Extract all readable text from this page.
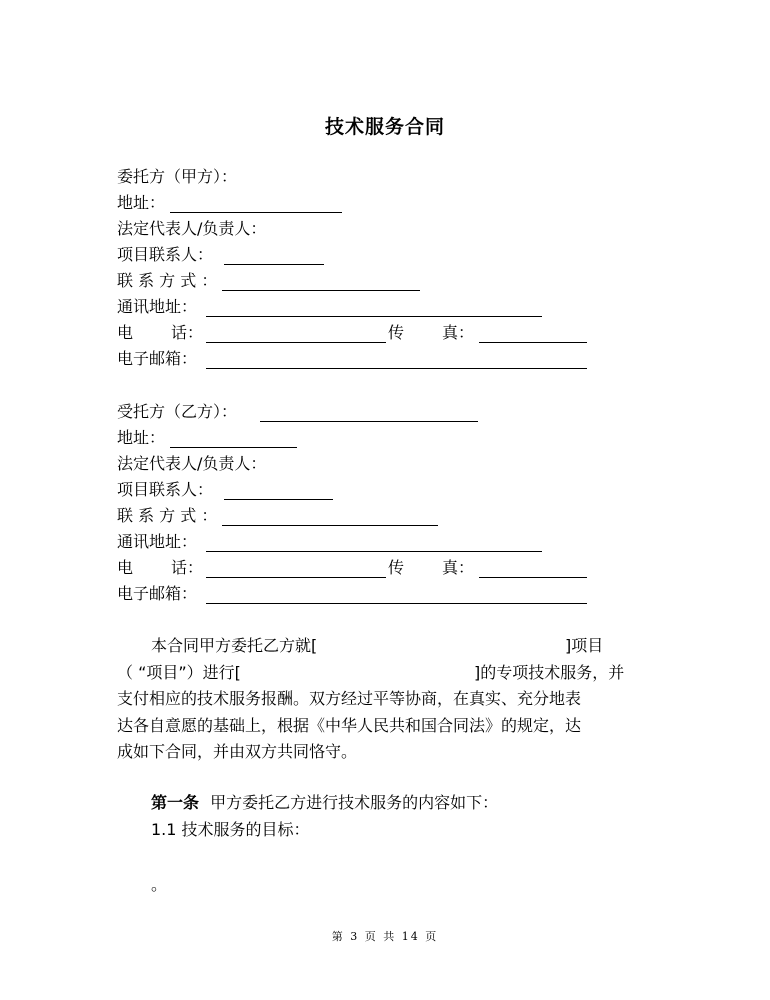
技术服务合同
委托方（甲方）：
地址：
法定代表人/负责人：
项目联系人：
联 系 方 式 ：
通讯地址：
电 话：	传 真：
电子邮箱：
受托方（乙方）：
地址：
法定代表人/负责人：
项目联系人：
联 系 方 式 ：
通讯地址：
电 话：	传 真：
电子邮箱：
本合同甲方委托乙方就[	]项目
（ “项目”）进行[	]的专项技术服务，并
支付相应的技术服务报酬。双方经过平等协商，在真实、充分地表
达各自意愿的基础上，根据《中华人民共和国合同法》的规定，达
成如下合同，并由双方共同恪守。
第一条 甲方委托乙方进行技术服务的内容如下：
1.1 技术服务的目标：
。
第 3 页 共 14 页
